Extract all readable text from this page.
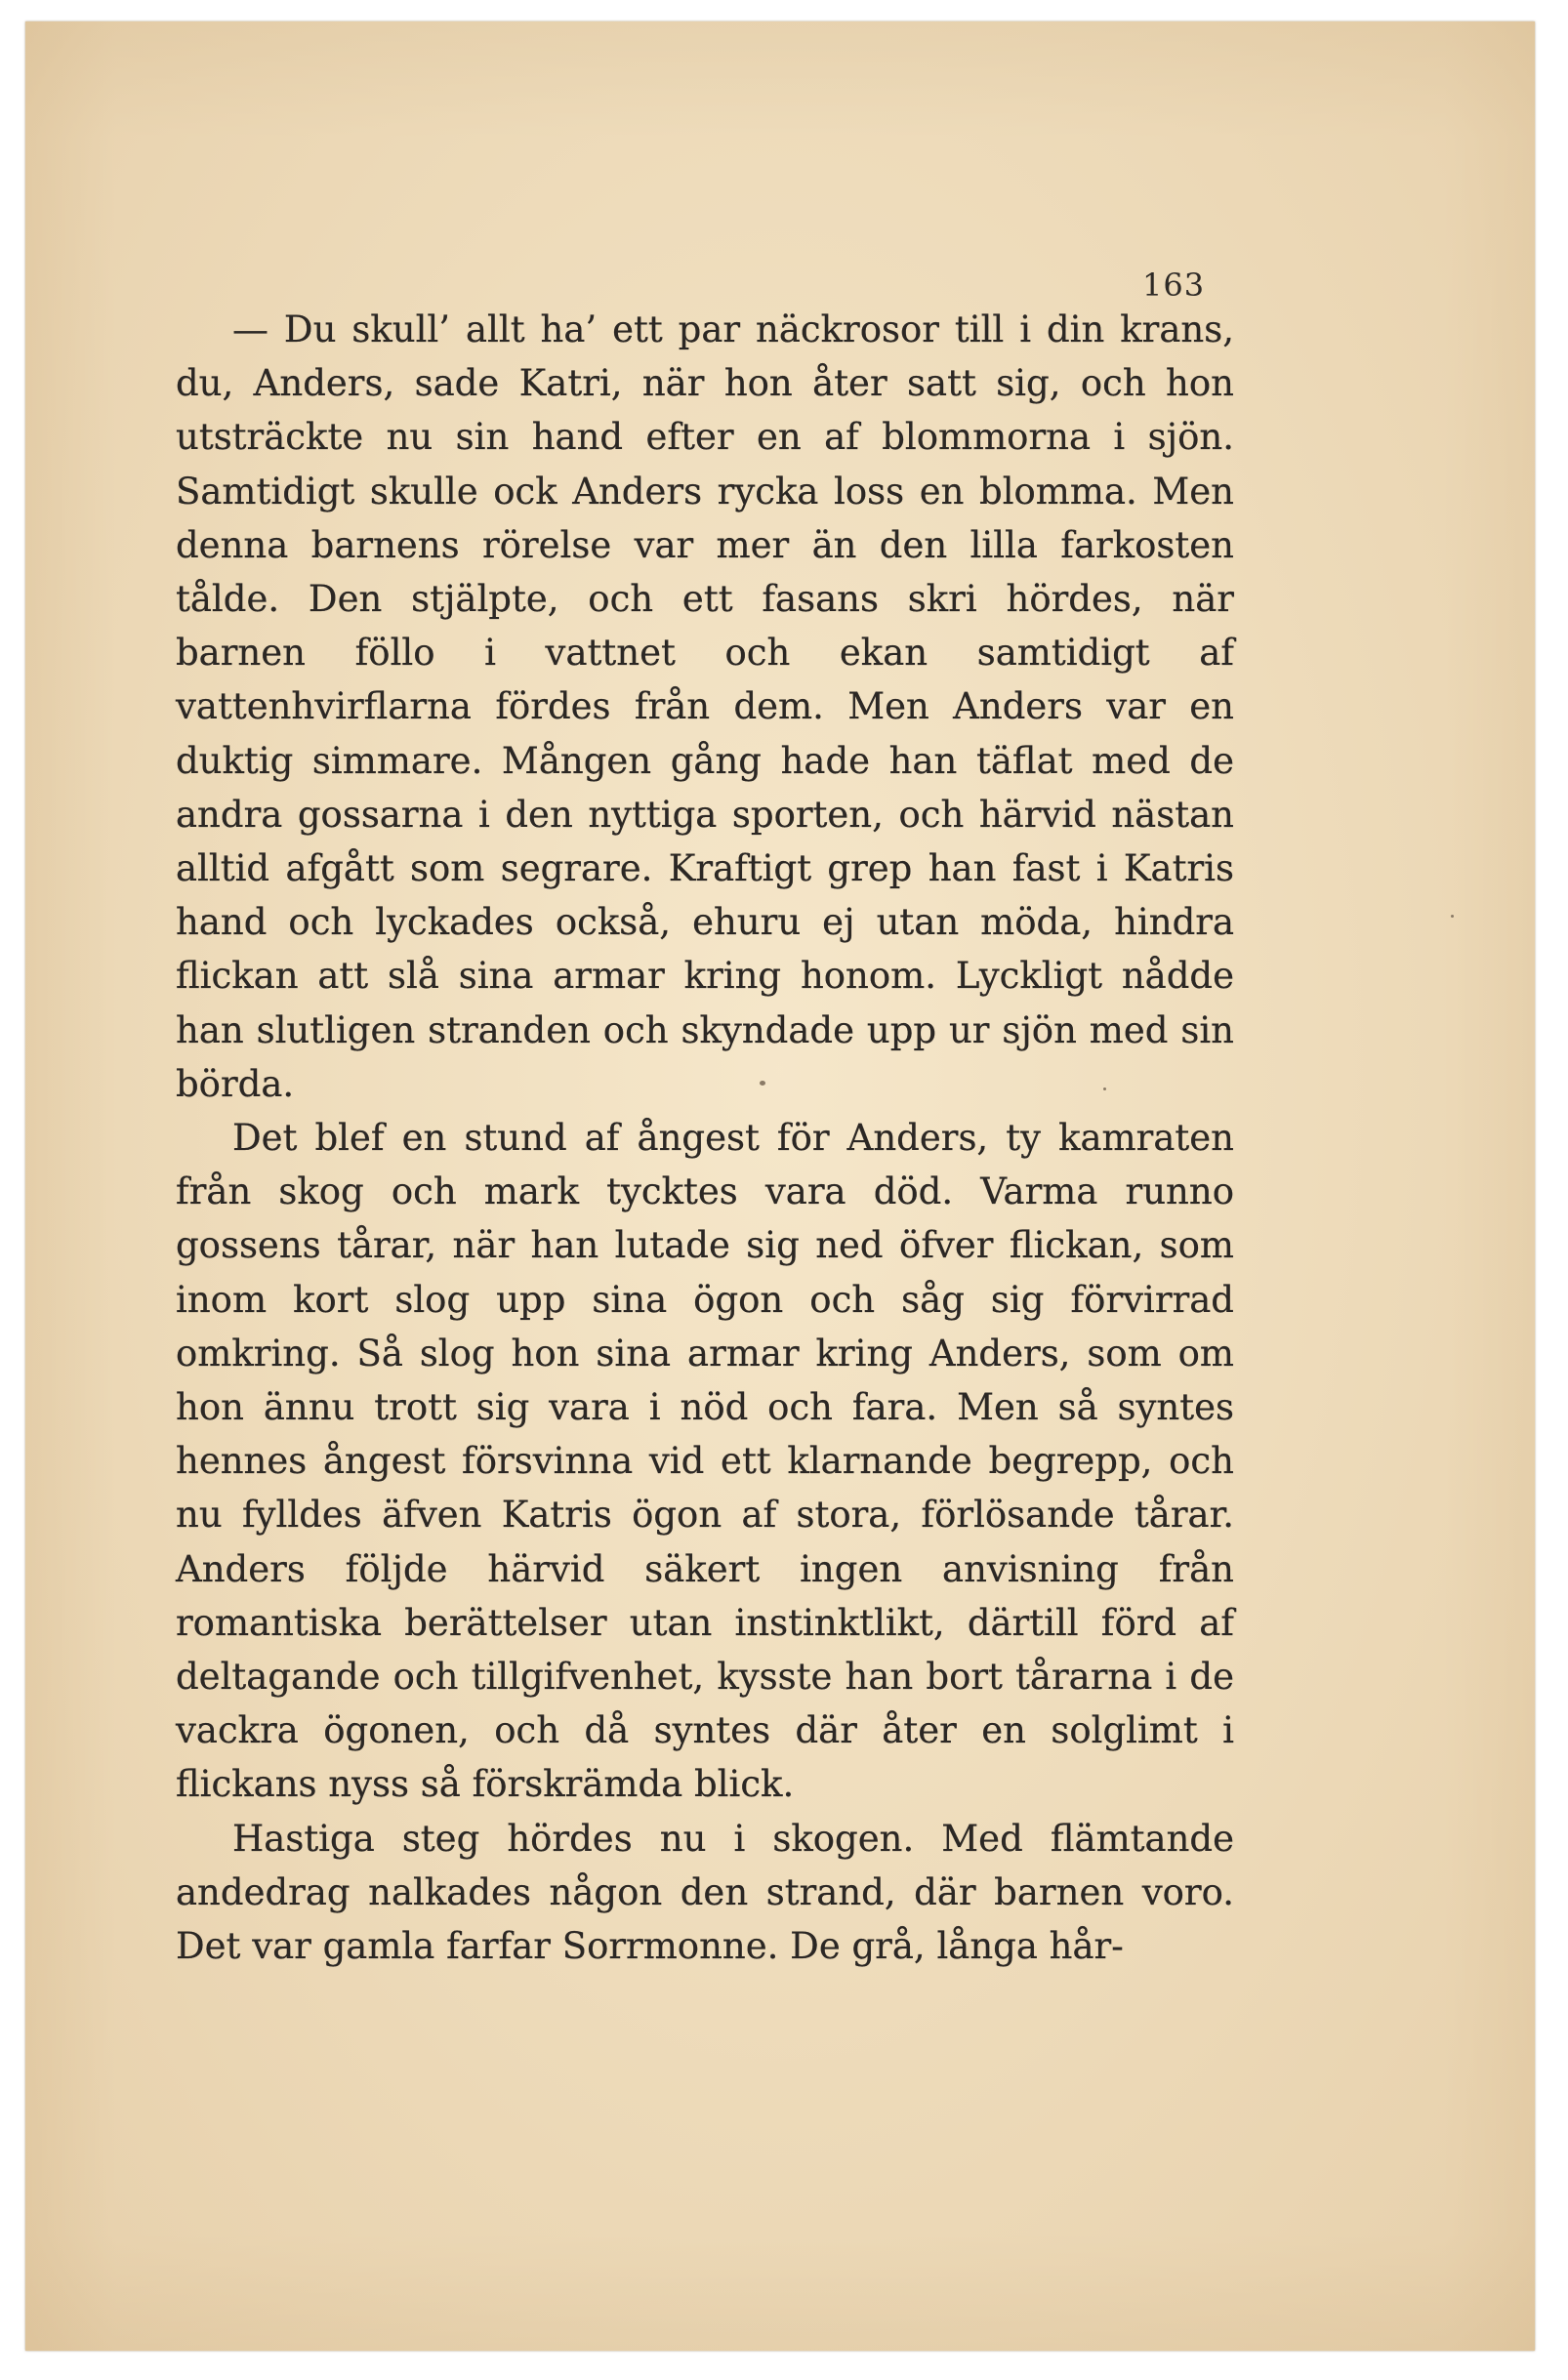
163

— Du skull’ allt ha’ ett par näckrosor till i din krans, du, Anders, sade Katri, när hon åter satt sig, och hon utsträckte nu sin hand efter en af blommorna i sjön. Samtidigt skulle ock Anders rycka loss en blomma. Men denna barnens rörelse var mer än den lilla farkosten tålde. Den stjälpte, och ett fasans skri hördes, när barnen föllo i vattnet och ekan samtidigt af vattenhvirflarna fördes från dem. Men Anders var en duktig simmare. Mången gång hade han täflat med de andra gossarna i den nyttiga sporten, och härvid nästan alltid afgått som segrare. Kraftigt grep han fast i Katris hand och lyckades också, ehuru ej utan möda, hindra flickan att slå sina armar kring honom. Lyckligt nådde han slutligen stranden och skyndade upp ur sjön med sin börda.

Det blef en stund af ångest för Anders, ty kamraten från skog och mark tycktes vara död. Varma runno gossens tårar, när han lutade sig ned öfver flickan, som inom kort slog upp sina ögon och såg sig förvirrad omkring. Så slog hon sina armar kring Anders, som om hon ännu trott sig vara i nöd och fara. Men så syntes hennes ångest försvinna vid ett klarnande begrepp, och nu fylldes äfven Katris ögon af stora, förlösande tårar. Anders följde härvid säkert ingen anvisning från romantiska berättelser utan instinktlikt, därtill förd af deltagande och tillgifvenhet, kysste han bort tårarna i de vackra ögonen, och då syntes där åter en solglimt i flickans nyss så förskrämda blick.

Hastiga steg hördes nu i skogen. Med flämtande andedrag nalkades någon den strand, där barnen voro. Det var gamla farfar Sorrmonne. De grå, långa hår-
